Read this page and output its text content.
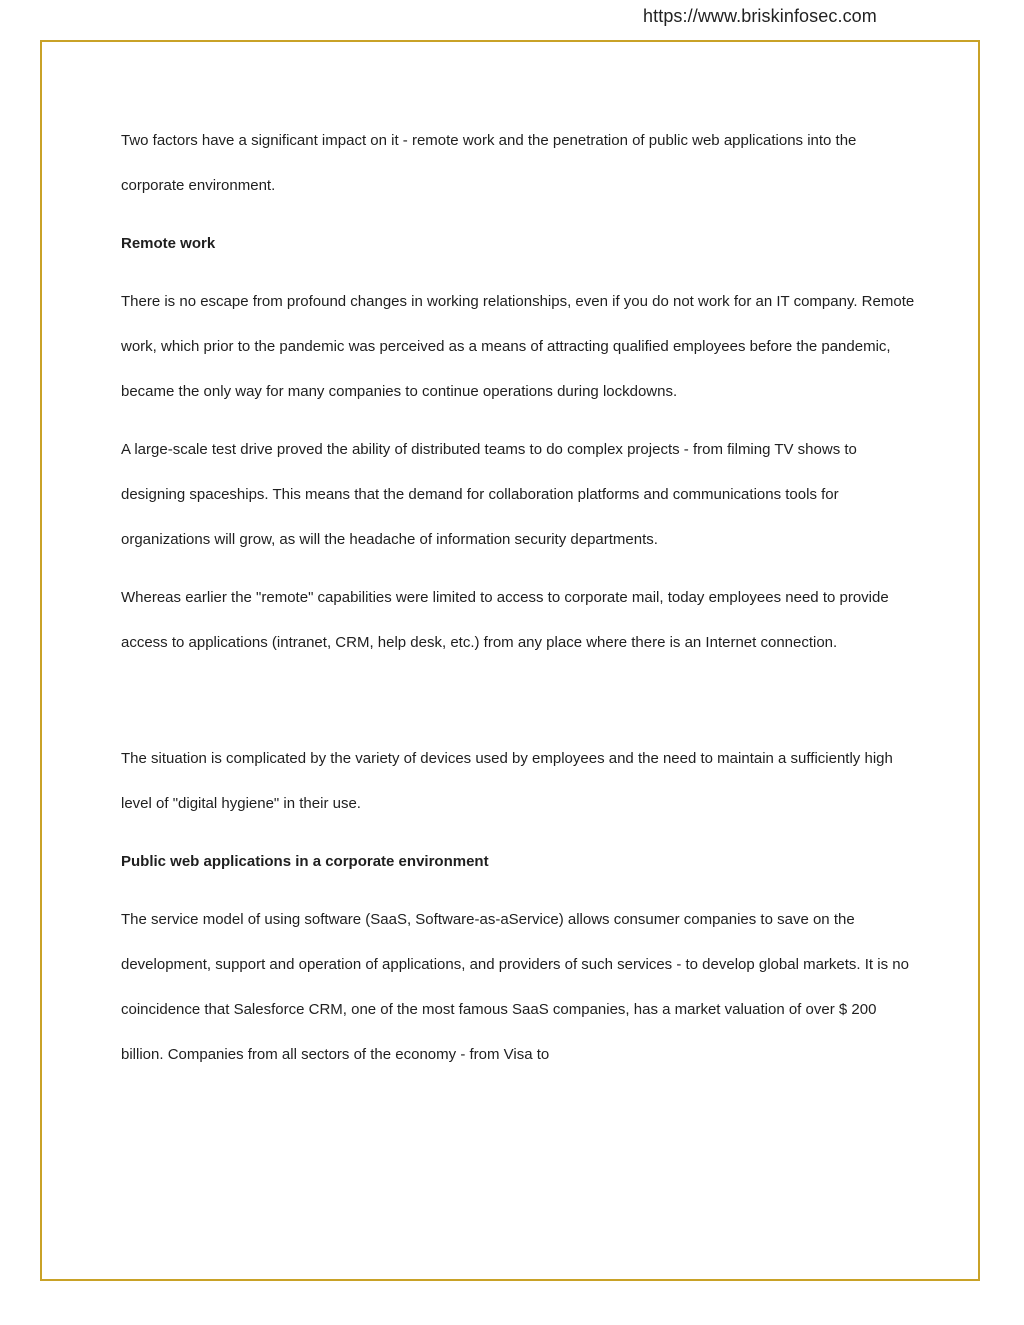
https://www.briskinfosec.com

Two factors have a significant impact on it - remote work and the penetration of public web applications into the corporate environment.

Remote work

There is no escape from profound changes in working relationships, even if you do not work for an IT company. Remote work, which prior to the pandemic was perceived as a means of attracting qualified employees before the pandemic, became the only way for many companies to continue operations during lockdowns.

A large-scale test drive proved the ability of distributed teams to do complex projects - from filming TV shows to designing spaceships. This means that the demand for collaboration platforms and communications tools for organizations will grow, as will the headache of information security departments.

Whereas earlier the "remote" capabilities were limited to access to corporate mail, today employees need to provide access to applications (intranet, CRM, help desk, etc.) from any place where there is an Internet connection.

The situation is complicated by the variety of devices used by employees and the need to maintain a sufficiently high level of "digital hygiene" in their use.

Public web applications in a corporate environment

The service model of using software (SaaS, Software-as-aService) allows consumer companies to save on the development, support and operation of applications, and providers of such services - to develop global markets. It is no coincidence that Salesforce CRM, one of the most famous SaaS companies, has a market valuation of over $ 200 billion. Companies from all sectors of the economy - from Visa to
